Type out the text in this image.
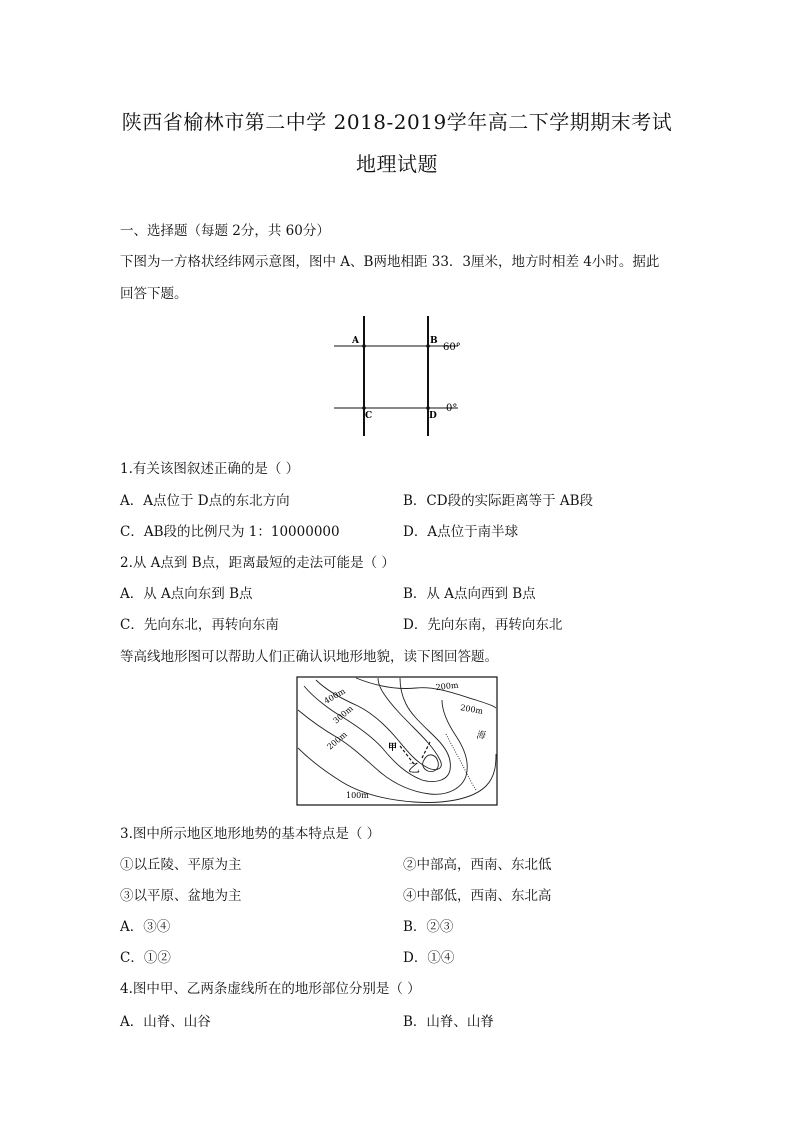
陕西省榆林市第二中学 2018-2019学年高二下学期期末考试
地理试题
一、选择题（每题 2分，共 60分）
下图为一方格状经纬网示意图，图中 A、B两地相距 33．3厘米，地方时相差 4小时。据此
回答下题。
A	B
C	D
60°
0°
1.有关该图叙述正确的是（ ）
A．A点位于 D点的东北方向	B．CD段的实际距离等于 AB段
C．AB段的比例尺为 1：10000000	D．A点位于南半球
2.从 A点到 B点，距离最短的走法可能是（ ）
A．从 A点向东到 B点	B．从 A点向西到 B点
C．先向东北，再转向东南	D．先向东南，再转向东北
等高线地形图可以帮助人们正确认识地形地貌，读下图回答题。
200m
200m
400m
300m
200m
100m
甲
乙
海
3.图中所示地区地形地势的基本特点是（ ）
①以丘陵、平原为主	②中部高，西南、东北低
③以平原、盆地为主	④中部低，西南、东北高
A．③④	B．②③
C．①②	D．①④
4.图中甲、乙两条虚线所在的地形部位分别是（ ）
A．山脊、山谷	B．山脊、山脊
